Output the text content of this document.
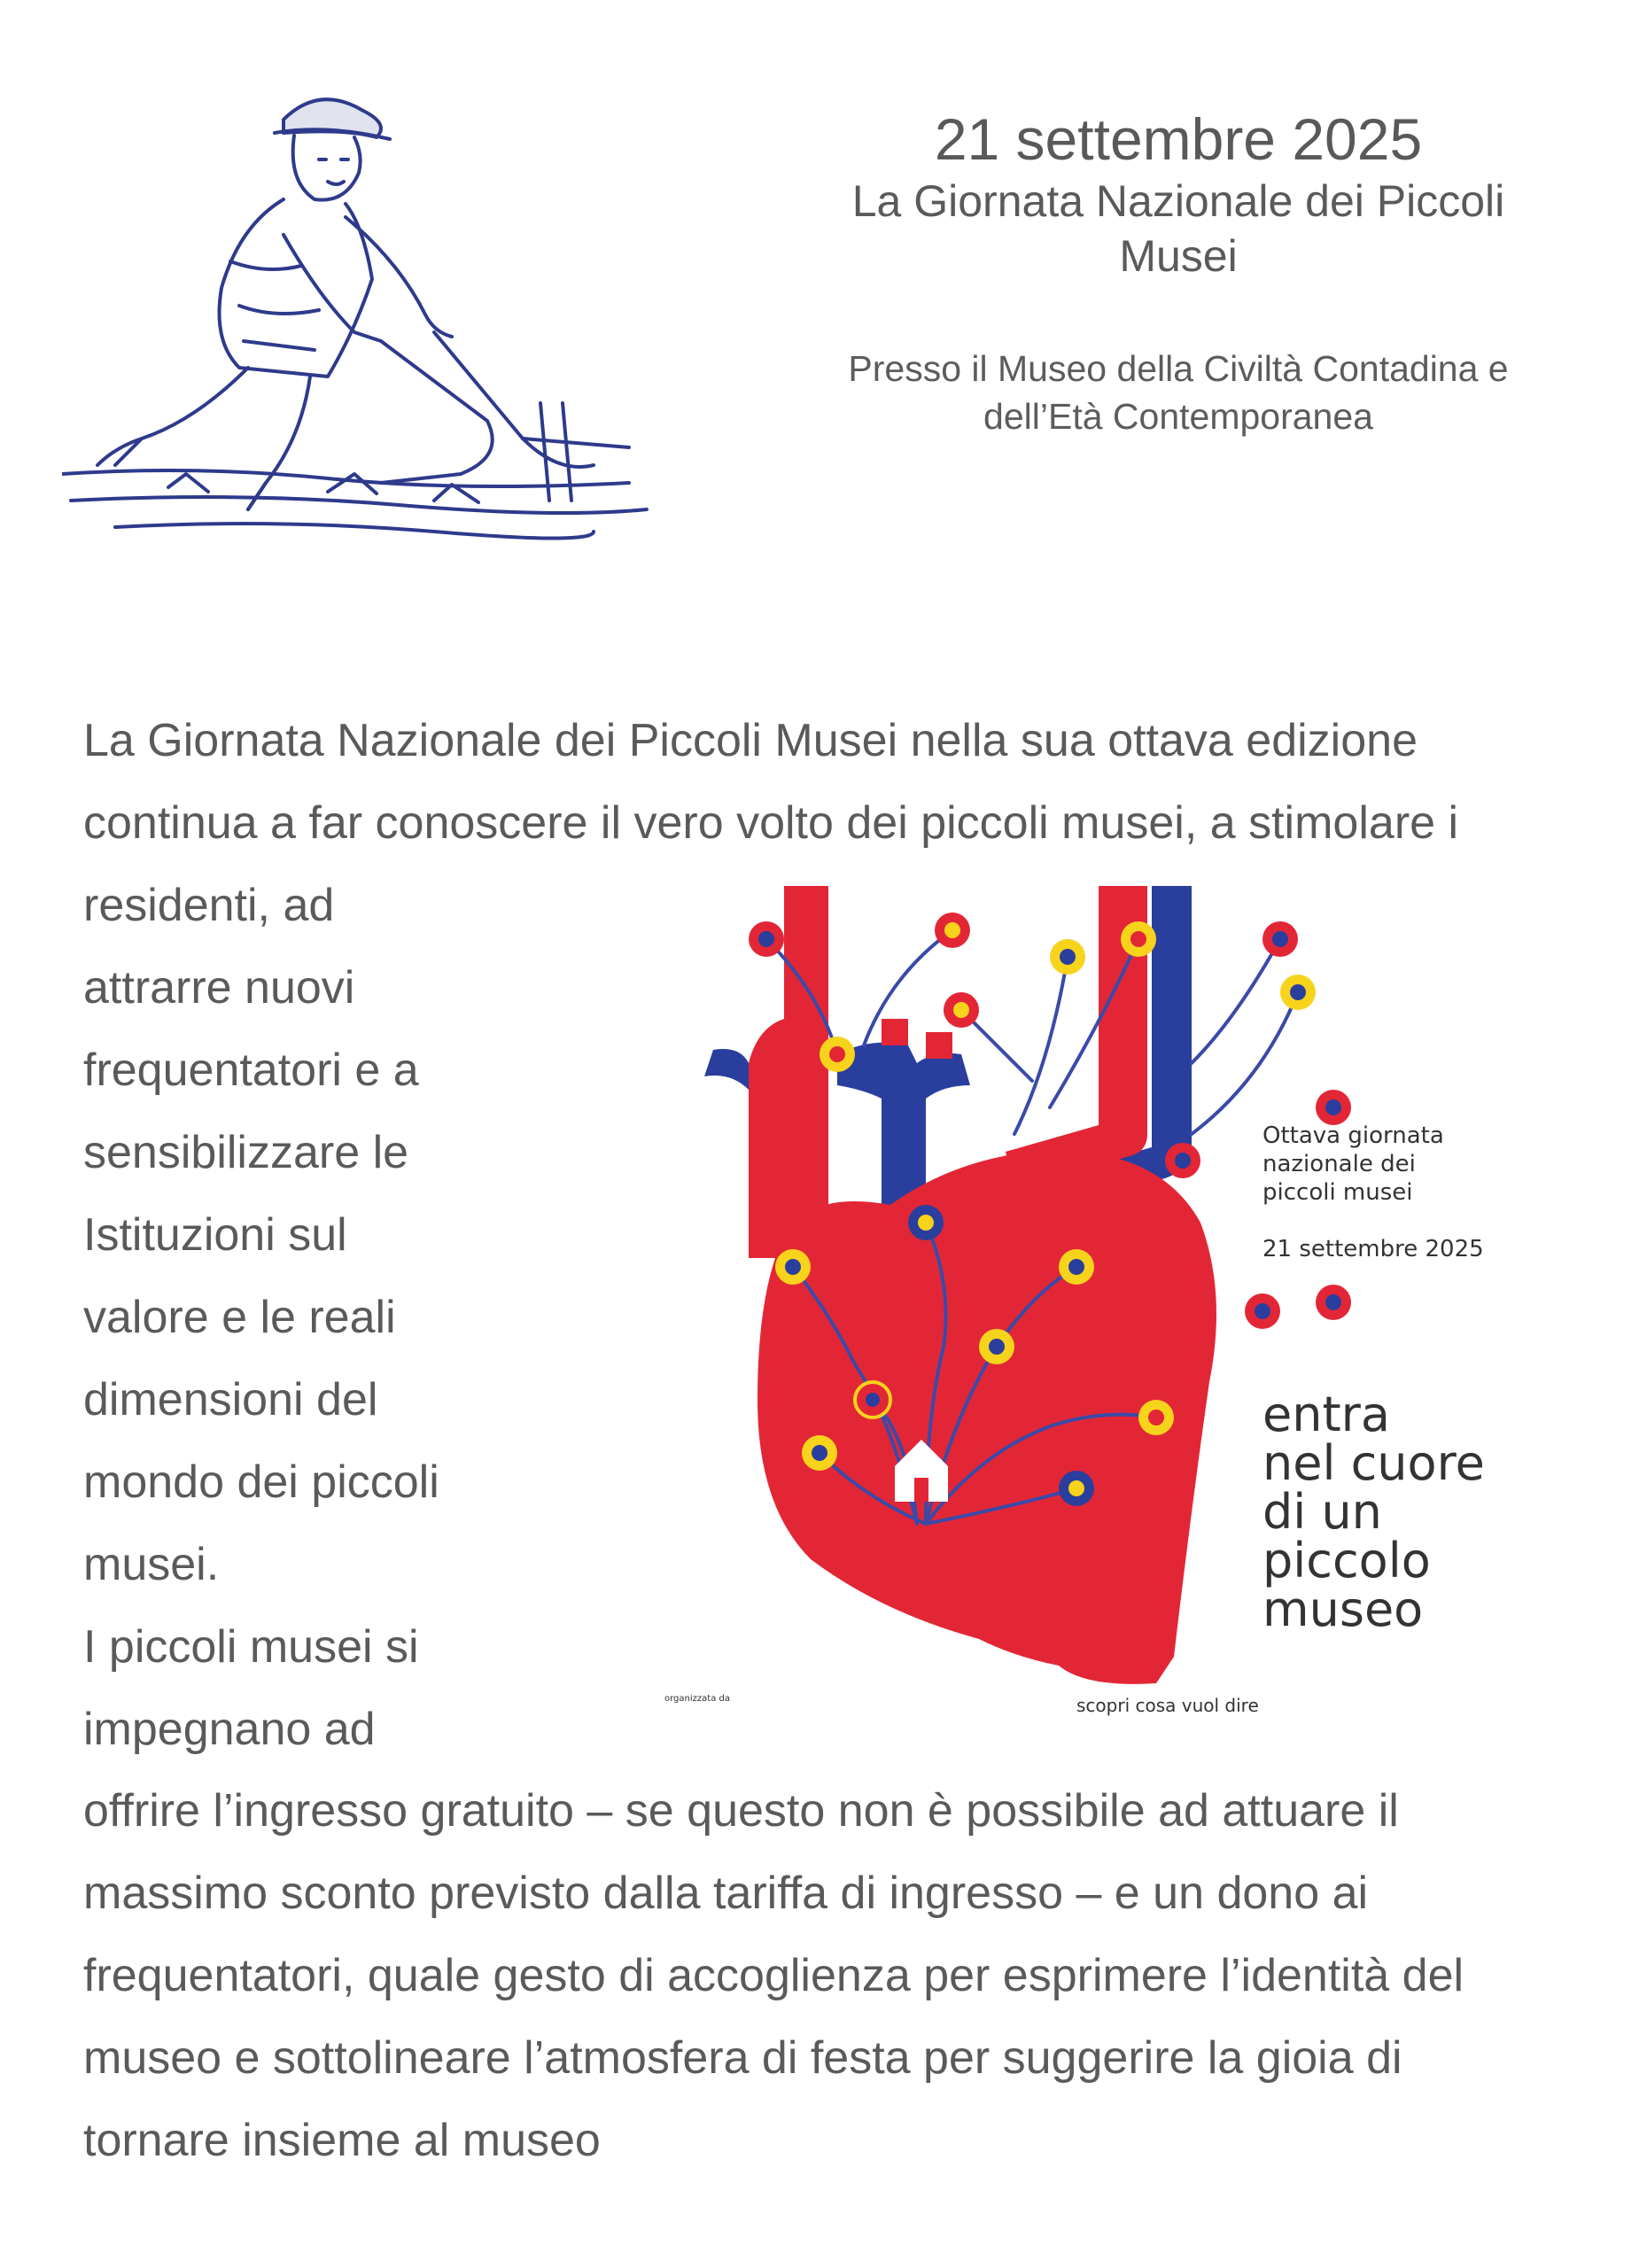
21 settembre 2025
La Giornata Nazionale dei Piccoli Musei
Presso il Museo della Civiltà Contadina e
dell’Età Contemporanea
La Giornata Nazionale dei Piccoli Musei nella sua ottava edizione
continua a far conoscere il vero volto dei piccoli musei, a stimolare i
residenti, ad
attrarre nuovi
frequentatori e a
sensibilizzare le
Istituzioni sul
valore e le reali
dimensioni del
mondo dei piccoli
musei.
I piccoli musei si
impegnano ad
Ottava giornata
nazionale dei
piccoli musei
21 settembre 2025
entra
nel cuore
di un
piccolo
museo
organizzata da	scopri cosa vuol dire
offrire l’ingresso gratuito – se questo non è possibile ad attuare il
massimo sconto previsto dalla tariffa di ingresso – e un dono ai
frequentatori, quale gesto di accoglienza per esprimere l’identità del
museo e sottolineare l’atmosfera di festa per suggerire la gioia di
tornare insieme al museo
